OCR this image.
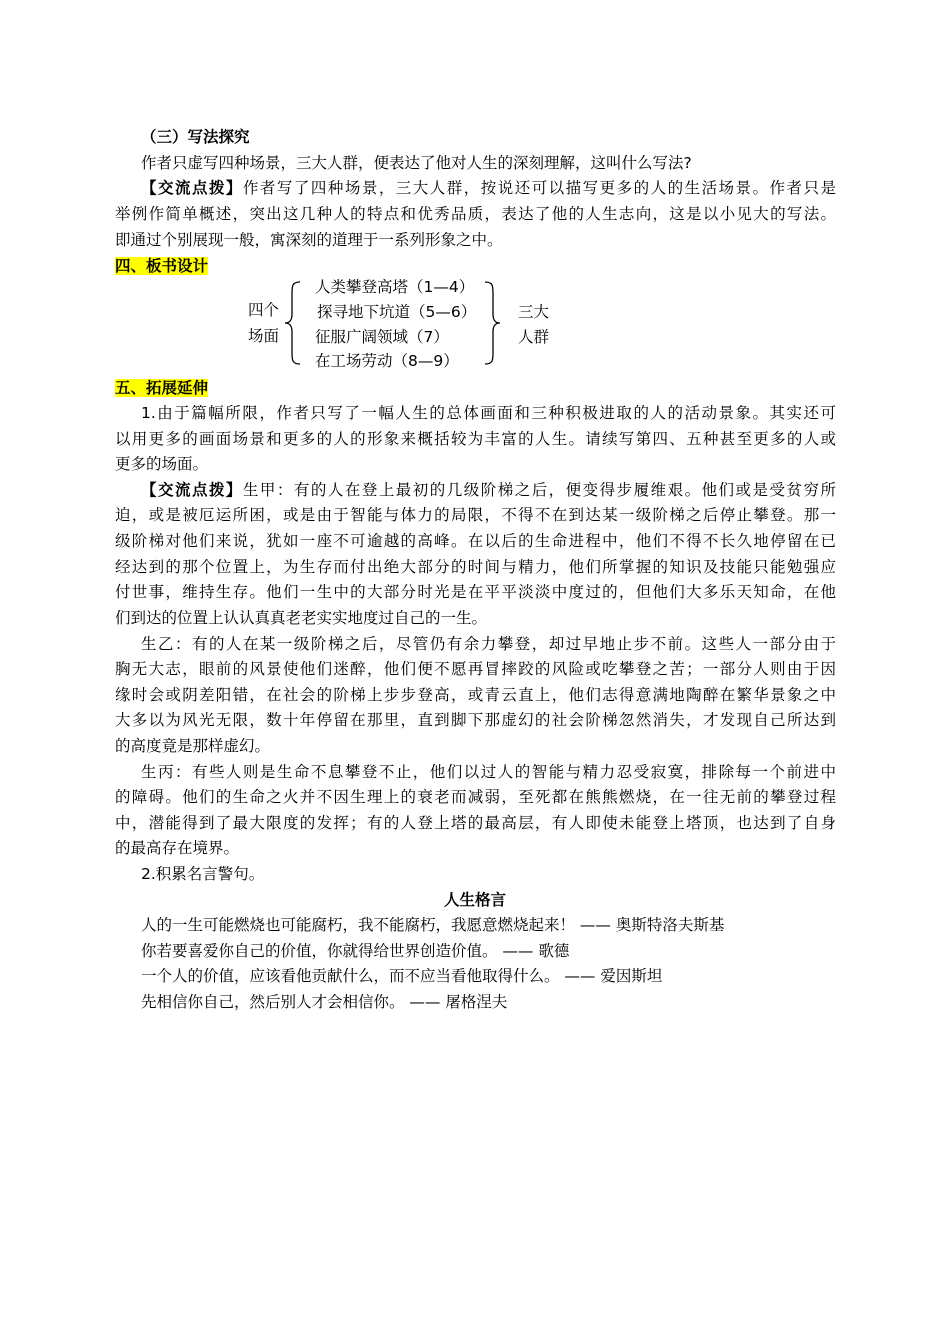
（三）写法探究
作者只虚写四种场景，三大人群，便表达了他对人生的深刻理解，这叫什么写法?
【交流点拨】作者写了四种场景，三大人群，按说还可以描写更多的人的生活场景。作者只是
举例作简单概述，突出这几种人的特点和优秀品质，表达了他的人生志向，这是以小见大的写法。
即通过个别展现一般，寓深刻的道理于一系列形象之中。
四、板书设计
四个
场面
人类攀登高塔（1—4）
探寻地下坑道（5—6）
征服广阔领域（7）
在工场劳动（8—9）
三大
人群
五、拓展延伸
1.由于篇幅所限，作者只写了一幅人生的总体画面和三种积极进取的人的活动景象。其实还可
以用更多的画面场景和更多的人的形象来概括较为丰富的人生。请续写第四、五种甚至更多的人或
更多的场面。
【交流点拨】生甲：有的人在登上最初的几级阶梯之后，便变得步履维艰。他们或是受贫穷所
迫，或是被厄运所困，或是由于智能与体力的局限，不得不在到达某一级阶梯之后停止攀登。那一
级阶梯对他们来说，犹如一座不可逾越的高峰。在以后的生命进程中，他们不得不长久地停留在已
经达到的那个位置上，为生存而付出绝大部分的时间与精力，他们所掌握的知识及技能只能勉强应
付世事，维持生存。他们一生中的大部分时光是在平平淡淡中度过的，但他们大多乐天知命，在他
们到达的位置上认认真真老老实实地度过自己的一生。
生乙：有的人在某一级阶梯之后，尽管仍有余力攀登，却过早地止步不前。这些人一部分由于
胸无大志，眼前的风景使他们迷醉，他们便不愿再冒摔跤的风险或吃攀登之苦；一部分人则由于因
缘时会或阴差阳错，在社会的阶梯上步步登高，或青云直上，他们志得意满地陶醉在繁华景象之中
大多以为风光无限，数十年停留在那里，直到脚下那虚幻的社会阶梯忽然消失，才发现自己所达到
的高度竟是那样虚幻。
生丙：有些人则是生命不息攀登不止，他们以过人的智能与精力忍受寂寞，排除每一个前进中
的障碍。他们的生命之火并不因生理上的衰老而减弱，至死都在熊熊燃烧，在一往无前的攀登过程
中，潜能得到了最大限度的发挥；有的人登上塔的最高层，有人即使未能登上塔顶，也达到了自身
的最高存在境界。
2.积累名言警句。
人生格言
人的一生可能燃烧也可能腐朽，我不能腐朽，我愿意燃烧起来！ —— 奥斯特洛夫斯基
你若要喜爱你自己的价值，你就得给世界创造价值。 —— 歌德
一个人的价值，应该看他贡献什么，而不应当看他取得什么。 —— 爱因斯坦
先相信你自己，然后别人才会相信你。 —— 屠格涅夫
